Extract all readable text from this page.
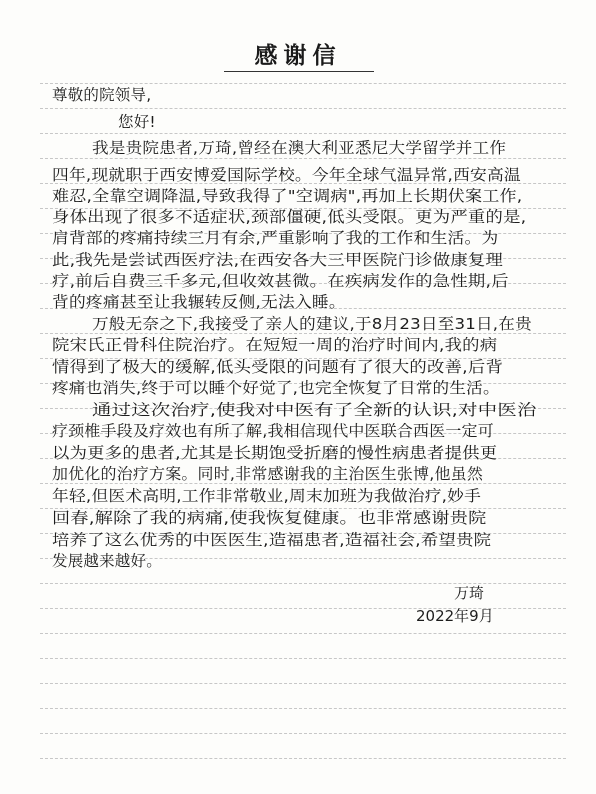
感谢信
尊敬的院领导,
您好!
我是贵院患者,万琦,曾经在澳大利亚悉尼大学留学并工作
四年,现就职于西安博爱国际学校。今年全球气温异常,西安高温
难忍,全靠空调降温,导致我得了"空调病",再加上长期伏案工作,
身体出现了很多不适症状,颈部僵硬,低头受限。更为严重的是,
肩背部的疼痛持续三月有余,严重影响了我的工作和生活。为
此,我先是尝试西医疗法,在西安各大三甲医院门诊做康复理
疗,前后自费三千多元,但收效甚微。在疾病发作的急性期,后
背的疼痛甚至让我辗转反侧,无法入睡。
万般无奈之下,我接受了亲人的建议,于8月23日至31日,在贵
院宋氏正骨科住院治疗。在短短一周的治疗时间内,我的病
情得到了极大的缓解,低头受限的问题有了很大的改善,后背
疼痛也消失,终于可以睡个好觉了,也完全恢复了日常的生活。
通过这次治疗,使我对中医有了全新的认识,对中医治
疗颈椎手段及疗效也有所了解,我相信现代中医联合西医一定可
以为更多的患者,尤其是长期饱受折磨的慢性病患者提供更
加优化的治疗方案。同时,非常感谢我的主治医生张博,他虽然
年轻,但医术高明,工作非常敬业,周末加班为我做治疗,妙手
回春,解除了我的病痛,使我恢复健康。也非常感谢贵院
培养了这么优秀的中医医生,造福患者,造福社会,希望贵院
发展越来越好。
万琦
2022年9月
